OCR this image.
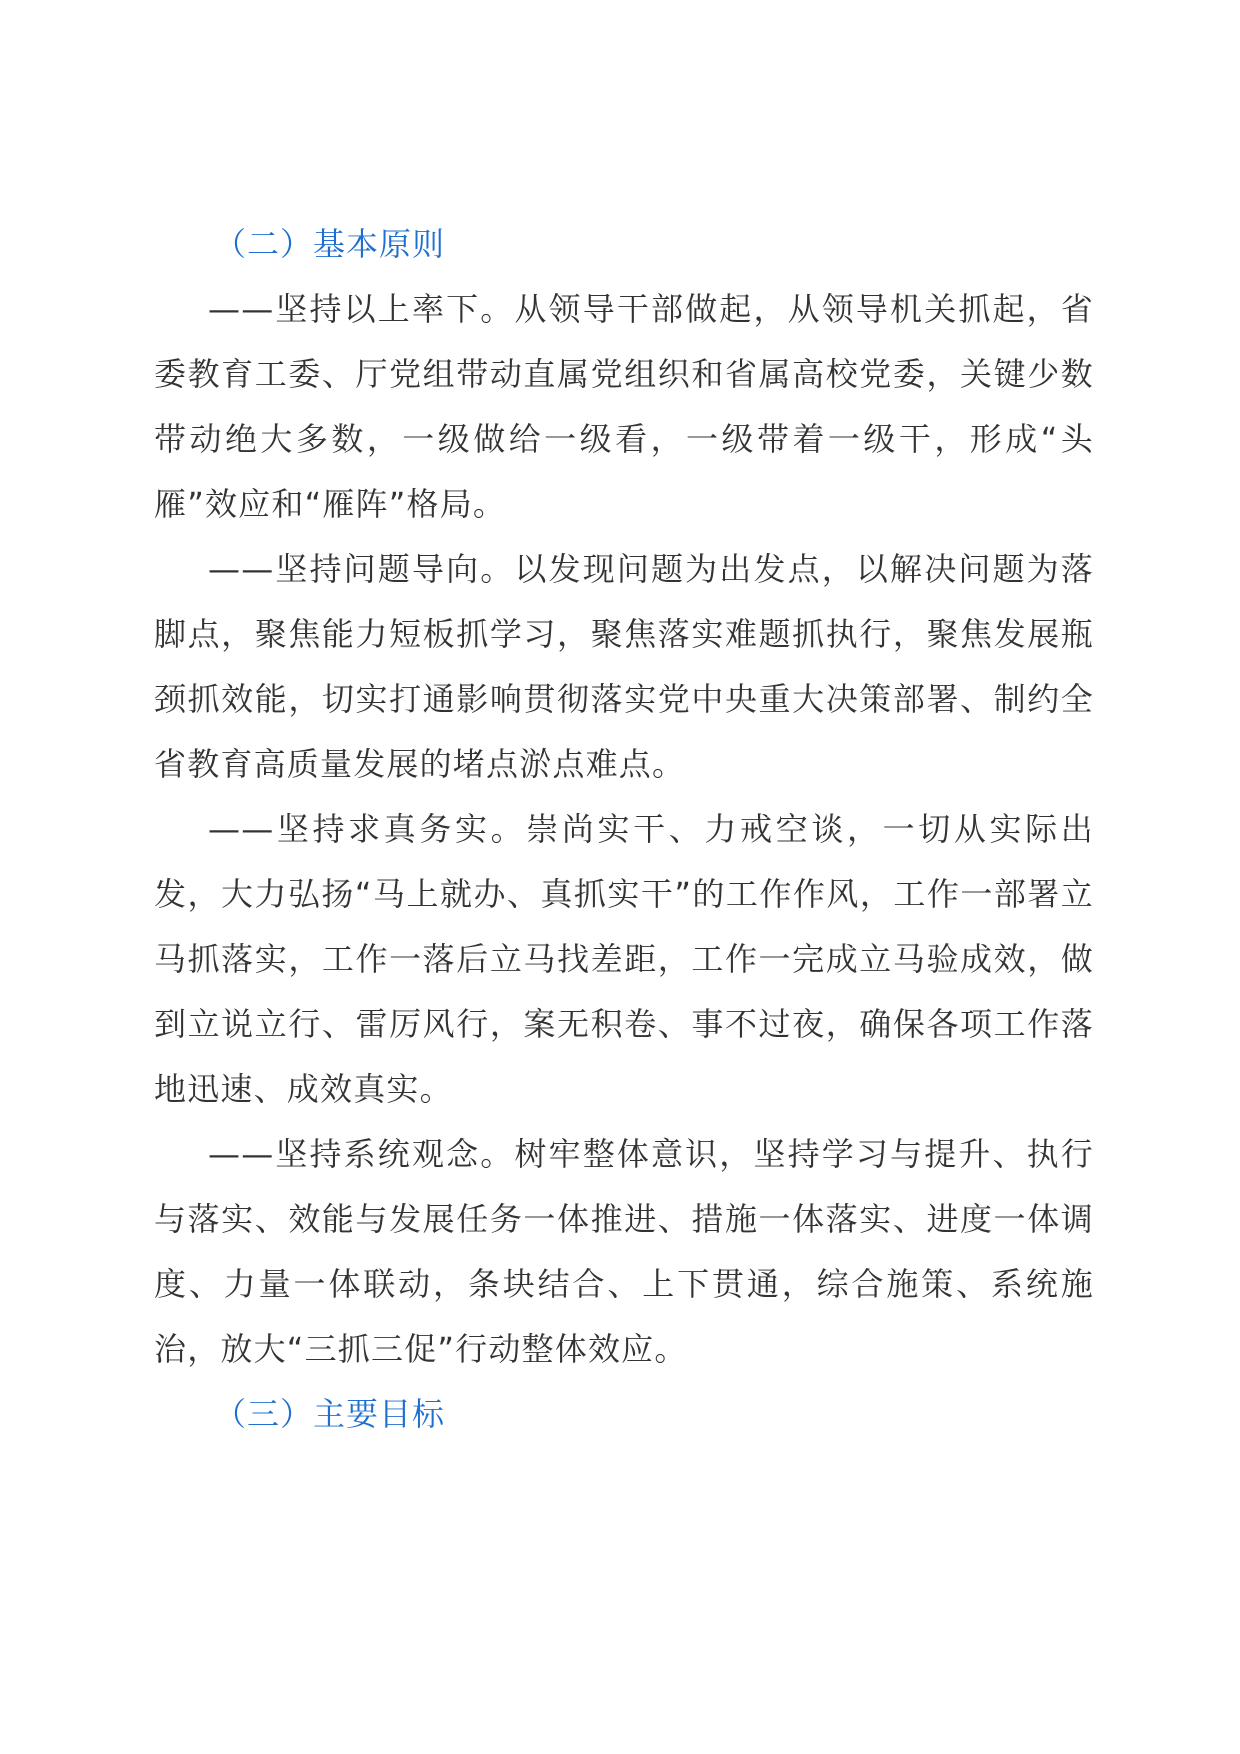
（二）基本原则

——坚持以上率下。从领导干部做起，从领导机关抓起，省委教育工委、厅党组带动直属党组织和省属高校党委，关键少数带动绝大多数，一级做给一级看，一级带着一级干，形成“头雁”效应和“雁阵”格局。

——坚持问题导向。以发现问题为出发点，以解决问题为落脚点，聚焦能力短板抓学习，聚焦落实难题抓执行，聚焦发展瓶颈抓效能，切实打通影响贯彻落实党中央重大决策部署、制约全省教育高质量发展的堵点淤点难点。

——坚持求真务实。崇尚实干、力戒空谈，一切从实际出发，大力弘扬“马上就办、真抓实干”的工作作风，工作一部署立马抓落实，工作一落后立马找差距，工作一完成立马验成效，做到立说立行、雷厉风行，案无积卷、事不过夜，确保各项工作落地迅速、成效真实。

——坚持系统观念。树牢整体意识，坚持学习与提升、执行与落实、效能与发展任务一体推进、措施一体落实、进度一体调度、力量一体联动，条块结合、上下贯通，综合施策、系统施治，放大“三抓三促”行动整体效应。

（三）主要目标
